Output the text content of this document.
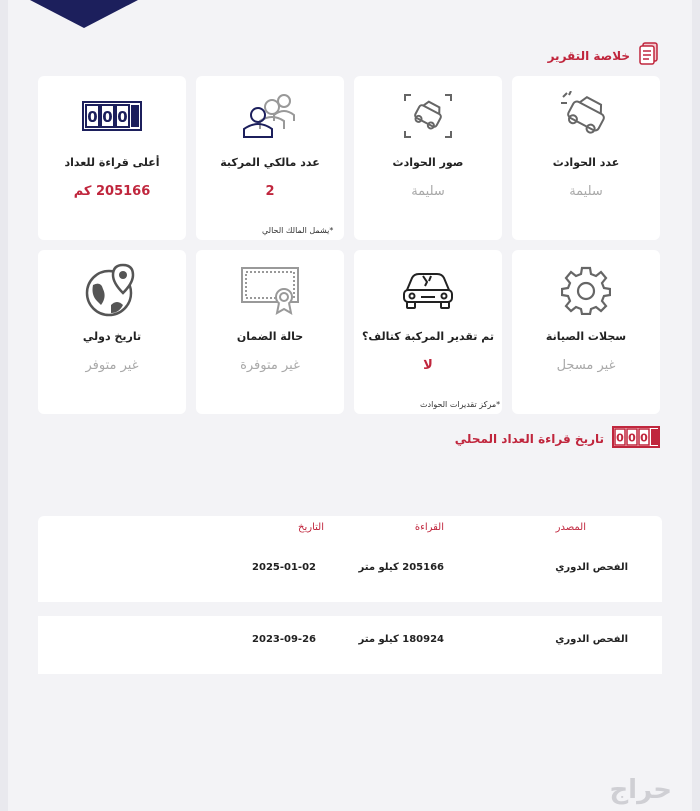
خلاصة التقرير
عدد الحوادث
سليمة
صور الحوادث
سليمة
عدد مالكي المركبة
2
*يشمل المالك الحالي
0 0 0
أعلى قراءة للعداد
205166 كم
سجلات الصيانة
غير مسجل
تم تقدير المركبة كتالف؟
لا
*مركز تقديرات الحوادث
حالة الضمان
غير متوفرة
تاريخ دولي
غير متوفر
0 0 0
تاريخ قراءة العداد المحلي
المصدر
القراءة
التاريخ
الفحص الدوري
205166 كيلو متر
2025-01-02
الفحص الدوري
180924 كيلو متر
2023-09-26
حراج
